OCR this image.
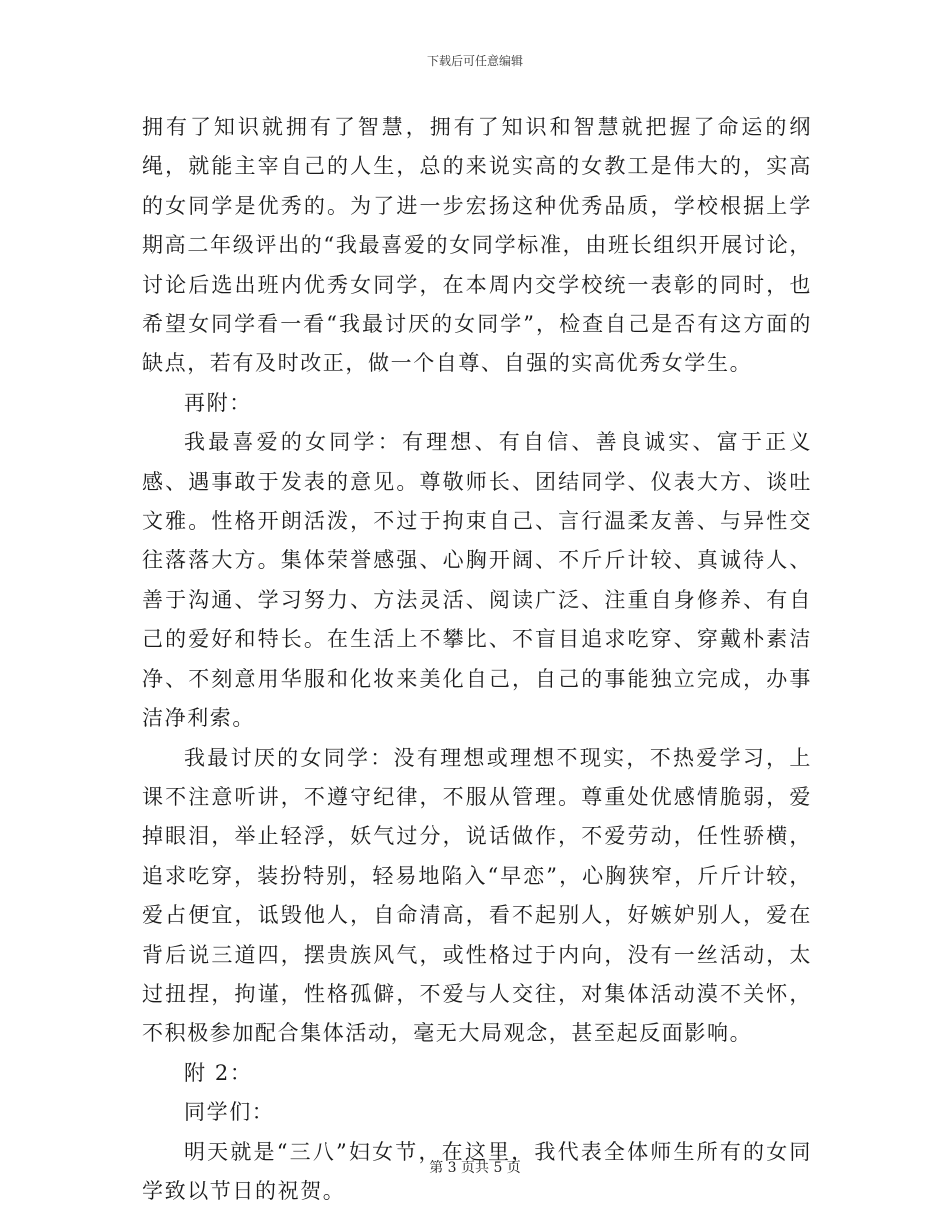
下载后可任意编辑

拥有了知识就拥有了智慧，拥有了知识和智慧就把握了命运的纲绳，就能主宰自己的人生，总的来说实高的女教工是伟大的，实高的女同学是优秀的。为了进一步宏扬这种优秀品质，学校根据上学期高二年级评出的“我最喜爱的女同学标准，由班长组织开展讨论，讨论后选出班内优秀女同学，在本周内交学校统一表彰的同时，也希望女同学看一看“我最讨厌的女同学”，检查自己是否有这方面的缺点，若有及时改正，做一个自尊、自强的实高优秀女学生。

再附：

我最喜爱的女同学：有理想、有自信、善良诚实、富于正义感、遇事敢于发表的意见。尊敬师长、团结同学、仪表大方、谈吐文雅。性格开朗活泼，不过于拘束自己、言行温柔友善、与异性交往落落大方。集体荣誉感强、心胸开阔、不斤斤计较、真诚待人、善于沟通、学习努力、方法灵活、阅读广泛、注重自身修养、有自己的爱好和特长。在生活上不攀比、不盲目追求吃穿、穿戴朴素洁净、不刻意用华服和化妆来美化自己，自己的事能独立完成，办事洁净利索。

我最讨厌的女同学：没有理想或理想不现实，不热爱学习，上课不注意听讲，不遵守纪律，不服从管理。尊重处优感情脆弱，爱掉眼泪，举止轻浮，妖气过分，说话做作，不爱劳动，任性骄横，追求吃穿，装扮特别，轻易地陷入“早恋”，心胸狭窄，斤斤计较，爱占便宜，诋毁他人，自命清高，看不起别人，好嫉妒别人，爱在背后说三道四，摆贵族风气，或性格过于内向，没有一丝活动，太过扭捏，拘谨，性格孤僻，不爱与人交往，对集体活动漠不关怀，不积极参加配合集体活动，毫无大局观念，甚至起反面影响。

附 2：

同学们：

明天就是“三八”妇女节，在这里，我代表全体师生所有的女同学致以节日的祝贺。

第 3 页共 5 页
